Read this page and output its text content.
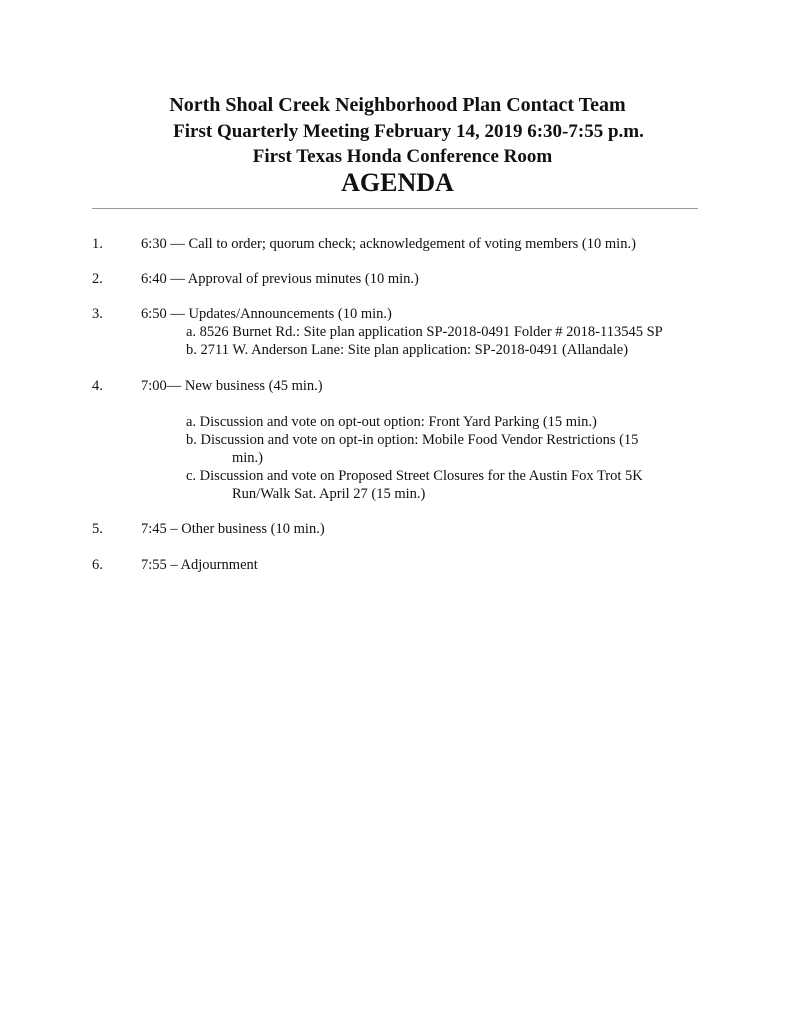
North Shoal Creek Neighborhood Plan Contact Team
First Quarterly Meeting February 14, 2019 6:30-7:55 p.m.
First Texas Honda Conference Room
AGENDA
1.	6:30 — Call to order; quorum check; acknowledgement of voting members (10 min.)
2.	6:40 — Approval of previous minutes (10 min.)
3.	6:50 — Updates/Announcements (10 min.)
a. 8526 Burnet Rd.: Site plan application SP-2018-0491 Folder # 2018-113545 SP
b. 2711 W. Anderson Lane: Site plan application: SP-2018-0491 (Allandale)
4.	7:00— New business (45 min.)
a. Discussion and vote on opt-out option: Front Yard Parking (15 min.)
b. Discussion and vote on opt-in option: Mobile Food Vendor Restrictions (15
min.)
c. Discussion and vote on Proposed Street Closures for the Austin Fox Trot 5K
Run/Walk Sat. April 27 (15 min.)
5.	7:45 – Other business (10 min.)
6.	7:55 – Adjournment
